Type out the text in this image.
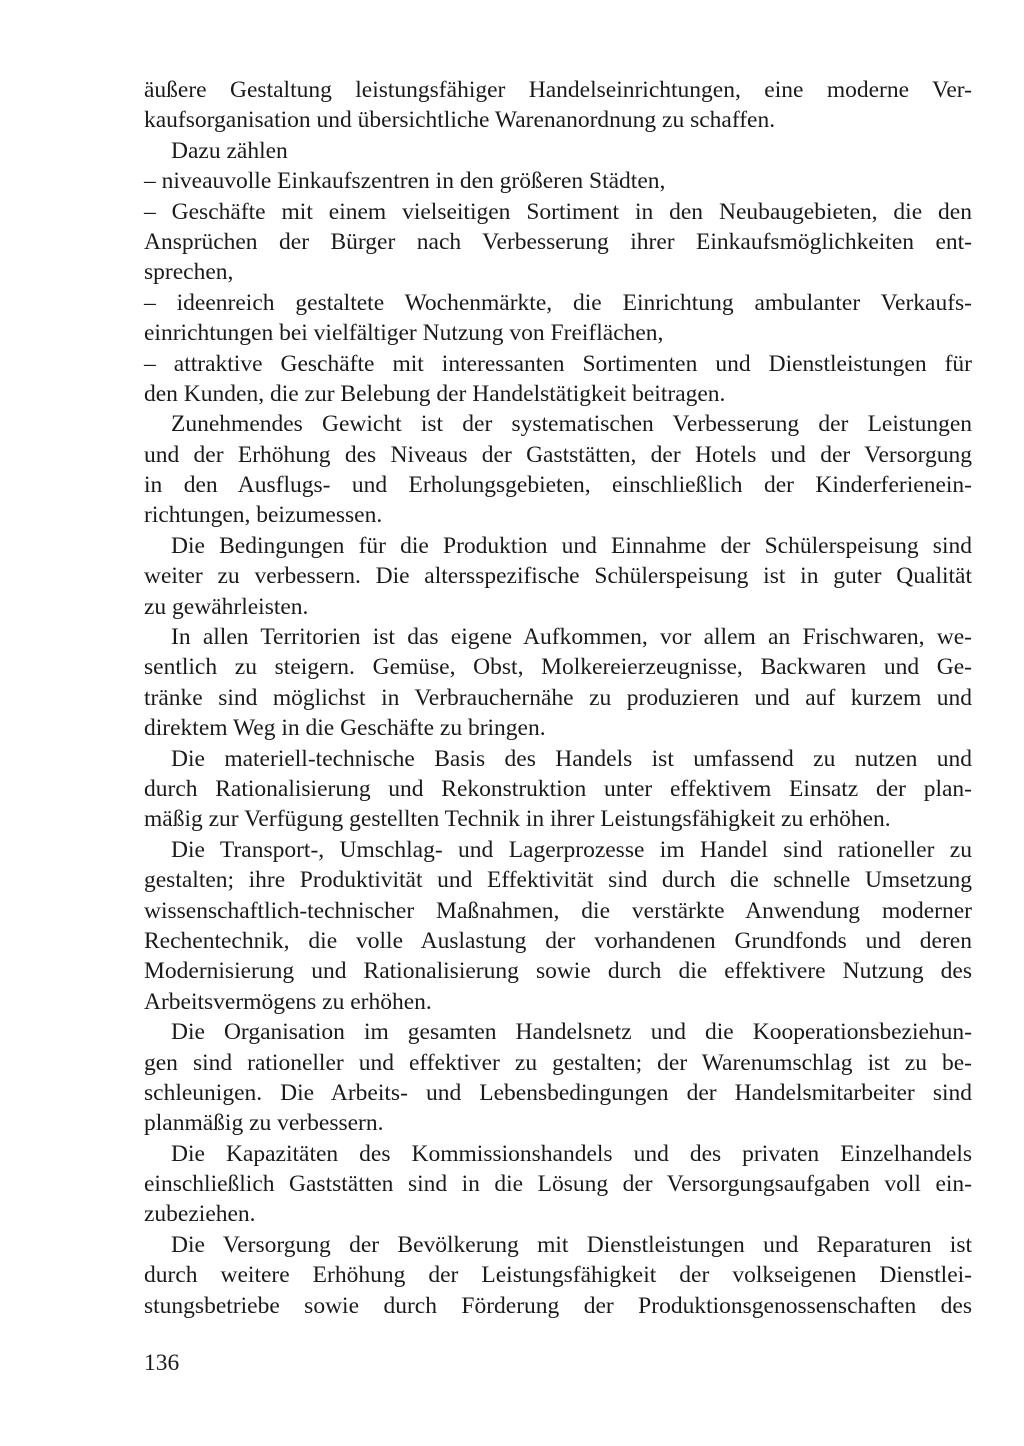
äußere Gestaltung leistungsfähiger Handelseinrichtungen, eine moderne Ver-
kaufsorganisation und übersichtliche Warenanordnung zu schaffen.
Dazu zählen
– niveauvolle Einkaufszentren in den größeren Städten,
– Geschäfte mit einem vielseitigen Sortiment in den Neubaugebieten, die den
Ansprüchen der Bürger nach Verbesserung ihrer Einkaufsmöglichkeiten ent-
sprechen,
– ideenreich gestaltete Wochenmärkte, die Einrichtung ambulanter Verkaufs-
einrichtungen bei vielfältiger Nutzung von Freiflächen,
– attraktive Geschäfte mit interessanten Sortimenten und Dienstleistungen für
den Kunden, die zur Belebung der Handelstätigkeit beitragen.
Zunehmendes Gewicht ist der systematischen Verbesserung der Leistungen
und der Erhöhung des Niveaus der Gaststätten, der Hotels und der Versorgung
in den Ausflugs- und Erholungsgebieten, einschließlich der Kinderferienein-
richtungen, beizumessen.
Die Bedingungen für die Produktion und Einnahme der Schülerspeisung sind
weiter zu verbessern. Die altersspezifische Schülerspeisung ist in guter Qualität
zu gewährleisten.
In allen Territorien ist das eigene Aufkommen, vor allem an Frischwaren, we-
sentlich zu steigern. Gemüse, Obst, Molkereierzeugnisse, Backwaren und Ge-
tränke sind möglichst in Verbrauchernähe zu produzieren und auf kurzem und
direktem Weg in die Geschäfte zu bringen.
Die materiell-technische Basis des Handels ist umfassend zu nutzen und
durch Rationalisierung und Rekonstruktion unter effektivem Einsatz der plan-
mäßig zur Verfügung gestellten Technik in ihrer Leistungsfähigkeit zu erhöhen.
Die Transport-, Umschlag- und Lagerprozesse im Handel sind rationeller zu
gestalten; ihre Produktivität und Effektivität sind durch die schnelle Umsetzung
wissenschaftlich-technischer Maßnahmen, die verstärkte Anwendung moderner
Rechentechnik, die volle Auslastung der vorhandenen Grundfonds und deren
Modernisierung und Rationalisierung sowie durch die effektivere Nutzung des
Arbeitsvermögens zu erhöhen.
Die Organisation im gesamten Handelsnetz und die Kooperationsbeziehun-
gen sind rationeller und effektiver zu gestalten; der Warenumschlag ist zu be-
schleunigen. Die Arbeits- und Lebensbedingungen der Handelsmitarbeiter sind
planmäßig zu verbessern.
Die Kapazitäten des Kommissionshandels und des privaten Einzelhandels
einschließlich Gaststätten sind in die Lösung der Versorgungsaufgaben voll ein-
zubeziehen.
Die Versorgung der Bevölkerung mit Dienstleistungen und Reparaturen ist
durch weitere Erhöhung der Leistungsfähigkeit der volkseigenen Dienstlei-
stungsbetriebe sowie durch Förderung der Produktionsgenossenschaften des
136
